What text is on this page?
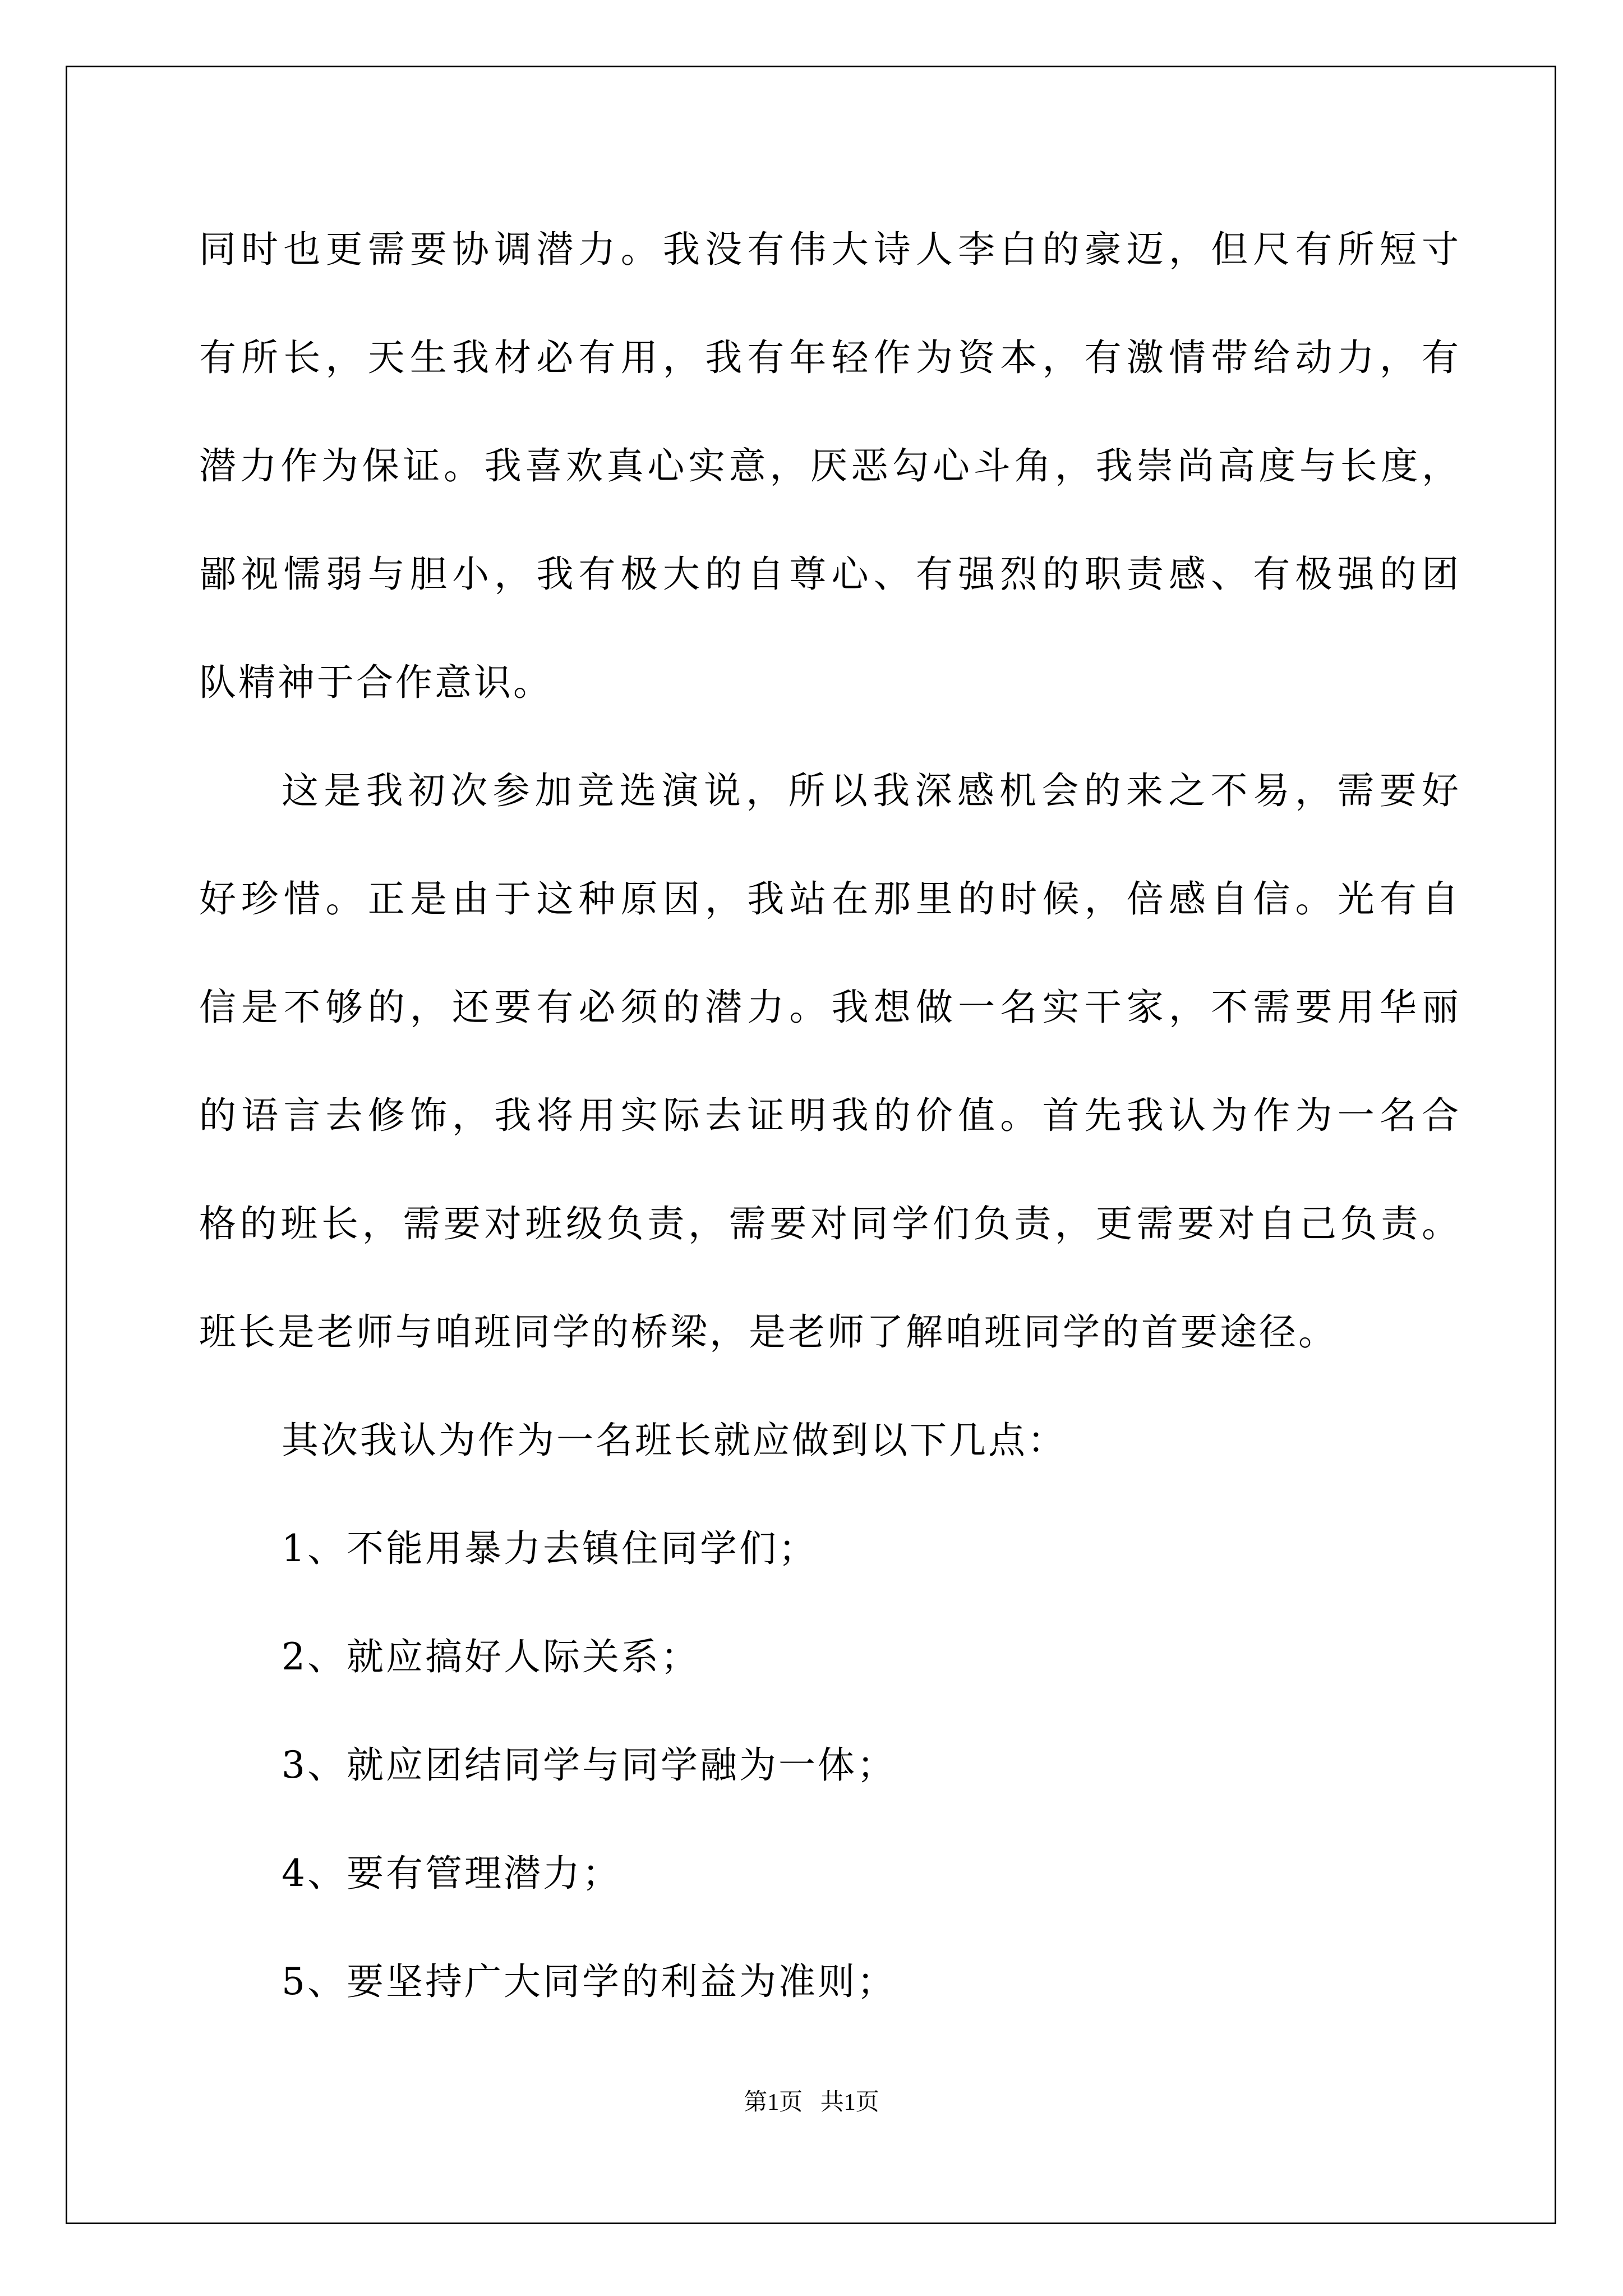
同时也更需要协调潜力。我没有伟大诗人李白的豪迈，但尺有所短寸
有所长，天生我材必有用，我有年轻作为资本，有激情带给动力，有
潜力作为保证。我喜欢真心实意，厌恶勾心斗角，我崇尚高度与长度，
鄙视懦弱与胆小，我有极大的自尊心、有强烈的职责感、有极强的团
队精神于合作意识。
这是我初次参加竞选演说，所以我深感机会的来之不易，需要好
好珍惜。正是由于这种原因，我站在那里的时候，倍感自信。光有自
信是不够的，还要有必须的潜力。我想做一名实干家，不需要用华丽
的语言去修饰，我将用实际去证明我的价值。首先我认为作为一名合
格的班长，需要对班级负责，需要对同学们负责，更需要对自己负责。
班长是老师与咱班同学的桥梁，是老师了解咱班同学的首要途径。
其次我认为作为一名班长就应做到以下几点：
1、不能用暴力去镇住同学们；
2、就应搞好人际关系；
3、就应团结同学与同学融为一体；
4、要有管理潜力；
5、要坚持广大同学的利益为准则；
第1页   共1页
